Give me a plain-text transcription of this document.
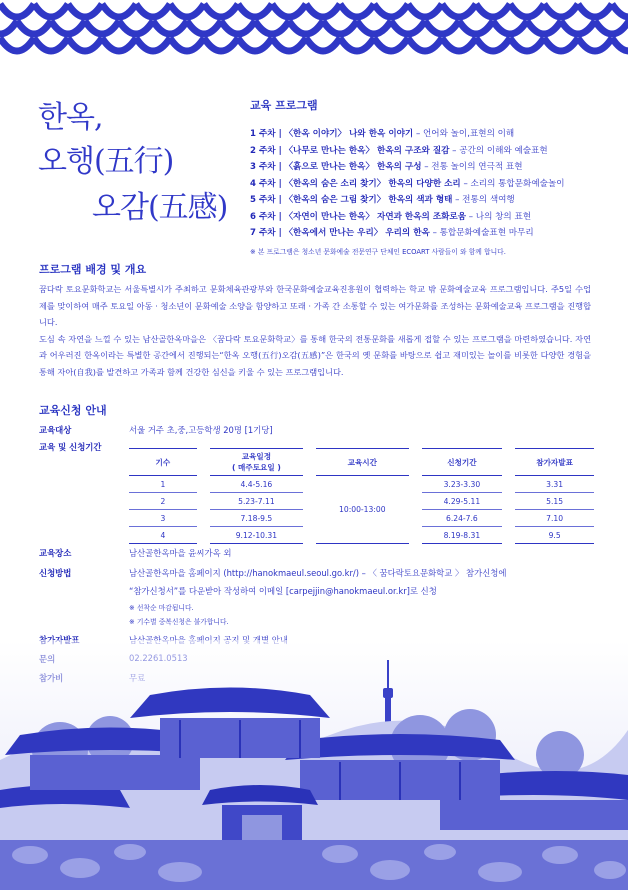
한옥,
오행(五行)
오감(五感)
교육 프로그램
1 주차 | 〈한옥 이야기〉 나와 한옥 이야기 – 언어와 놀이,표현의 이해
2 주차 | 〈나무로 만나는 한옥〉 한옥의 구조와 질감 – 공간의 이해와 예술표현
3 주차 | 〈흙으로 만나는 한옥〉 한옥의 구성 – 전통 놀이의 연극적 표현
4 주차 | 〈한옥의 숨은 소리 찾기〉 한옥의 다양한 소리 – 소리의 통합문화예술놀이
5 주차 | 〈한옥의 숨은 그림 찾기〉 한옥의 색과 형태 – 전통의 색여행
6 주차 | 〈자연이 만나는 한옥〉 자연과 한옥의 조화로움 – 나의 창의 표현
7 주차 | 〈한옥에서 만나는 우리〉 우리의 한옥 – 통합문화예술표현 마무리
※ 본 프로그램은 청소년 문화예술 전문연구 단체인 ECOART 사람들이 와 함께 합니다.
프로그램 배경 및 개요

꿈다락 토요문화학교는 서울특별시가 주최하고 문화체육관광부와 한국문화예술교육진흥원이 협력하는 학교 밖 문화예술교육 프로그램입니다. 주5일 수업제를 맞이하여 매주 토요일 아동 · 청소년이 문화예술 소양을 함양하고 또래 · 가족 간 소통할 수 있는 여가문화를 조성하는 문화예술교육 프로그램을 진행합니다.

도심 속 자연을 느낄 수 있는 남산골한옥마을은 〈꿈다락 토요문화학교〉를 통해 한국의 전통문화를 새롭게 접할 수 있는 프로그램을 마련하였습니다. 자연과 어우러진 한옥이라는 특별한 공간에서 진행되는“한옥 오행(五行)오감(五感)”은 한국의 옛 문화를 바탕으로 쉽고 재미있는 놀이를 비롯한 다양한 경험을 통해 자아(自我)를 발견하고 가족과 함께 건강한 심신을 키울 수 있는 프로그램입니다.

교육신청 안내
교육대상	서울 거주 초,중,고등학생 20명 [1기당]
교육 및 신청기간
기수		교육일정
( 매주토요일 )		교육시간		신청기간		참가자발표
1		4.4-5.16		10:00-13:00		3.23-3.30		3.31
2		5.23-7.11				4.29-5.11		5.15
3		7.18-9.5				6.24-7.6		7.10
4		9.12-10.31				8.19-8.31		9.5
교육장소	남산골한옥마을 윤씨가옥 외
신청방법	남산골한옥마을 홈페이지 (http://hanokmaeul.seoul.go.kr/) – 〈 꿈다락토요문화학교 〉 참가신청에
“참가신청서”를 다운받아 작성하여 이메일 [carpejjin@hanokmaeul.or.kr]로 신청
※ 선착순 마감됩니다.
※ 기수별 중복신청은 불가합니다.
